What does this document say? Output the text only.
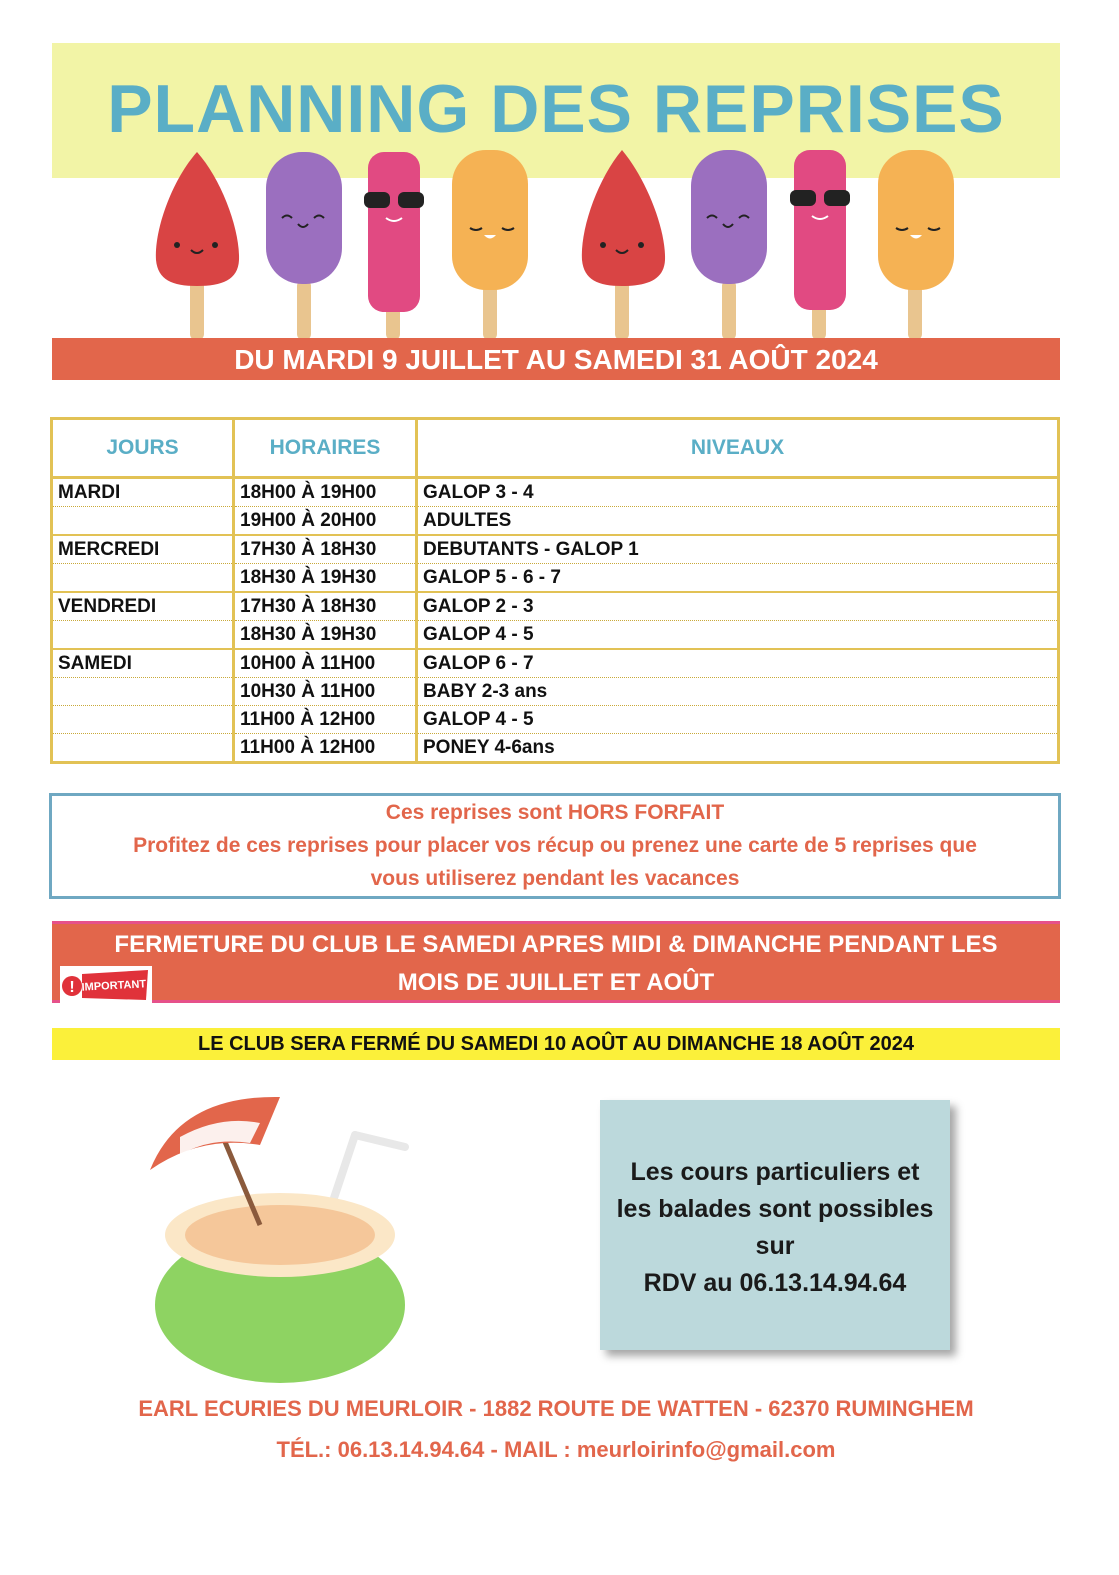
PLANNING DES REPRISES
DU MARDI 9 JUILLET AU SAMEDI 31 AOÛT 2024
JOURS	HORAIRES	NIVEAUX
MARDI	18H00 À 19H00	GALOP 3 - 4
	19H00 À 20H00	ADULTES
MERCREDI	17H30 À 18H30	DEBUTANTS - GALOP 1
	18H30 À 19H30	GALOP 5 - 6 - 7
VENDREDI	17H30 À 18H30	GALOP 2 - 3
	18H30 À 19H30	GALOP 4 - 5
SAMEDI	10H00 À 11H00	GALOP 6 - 7
	10H30 À 11H00	BABY 2-3 ans
	11H00 À 12H00	GALOP 4 - 5
	11H00 À 12H00	PONEY 4-6ans
Ces reprises sont HORS FORFAIT
Profitez de ces reprises pour placer vos récup ou prenez une carte de 5 reprises que
vous utiliserez pendant les vacances
FERMETURE DU CLUB LE SAMEDI APRES MIDI & DIMANCHE PENDANT LES
MOIS DE JUILLET ET AOÛT
! IMPORTANT
LE CLUB SERA FERMÉ DU SAMEDI 10 AOÛT AU DIMANCHE 18 AOÛT 2024
Les cours particuliers et
les balades sont possibles
sur
RDV au 06.13.14.94.64
EARL ECURIES DU MEURLOIR - 1882 ROUTE DE WATTEN - 62370 RUMINGHEM
TÉL.: 06.13.14.94.64 - MAIL : meurloirinfo@gmail.com
